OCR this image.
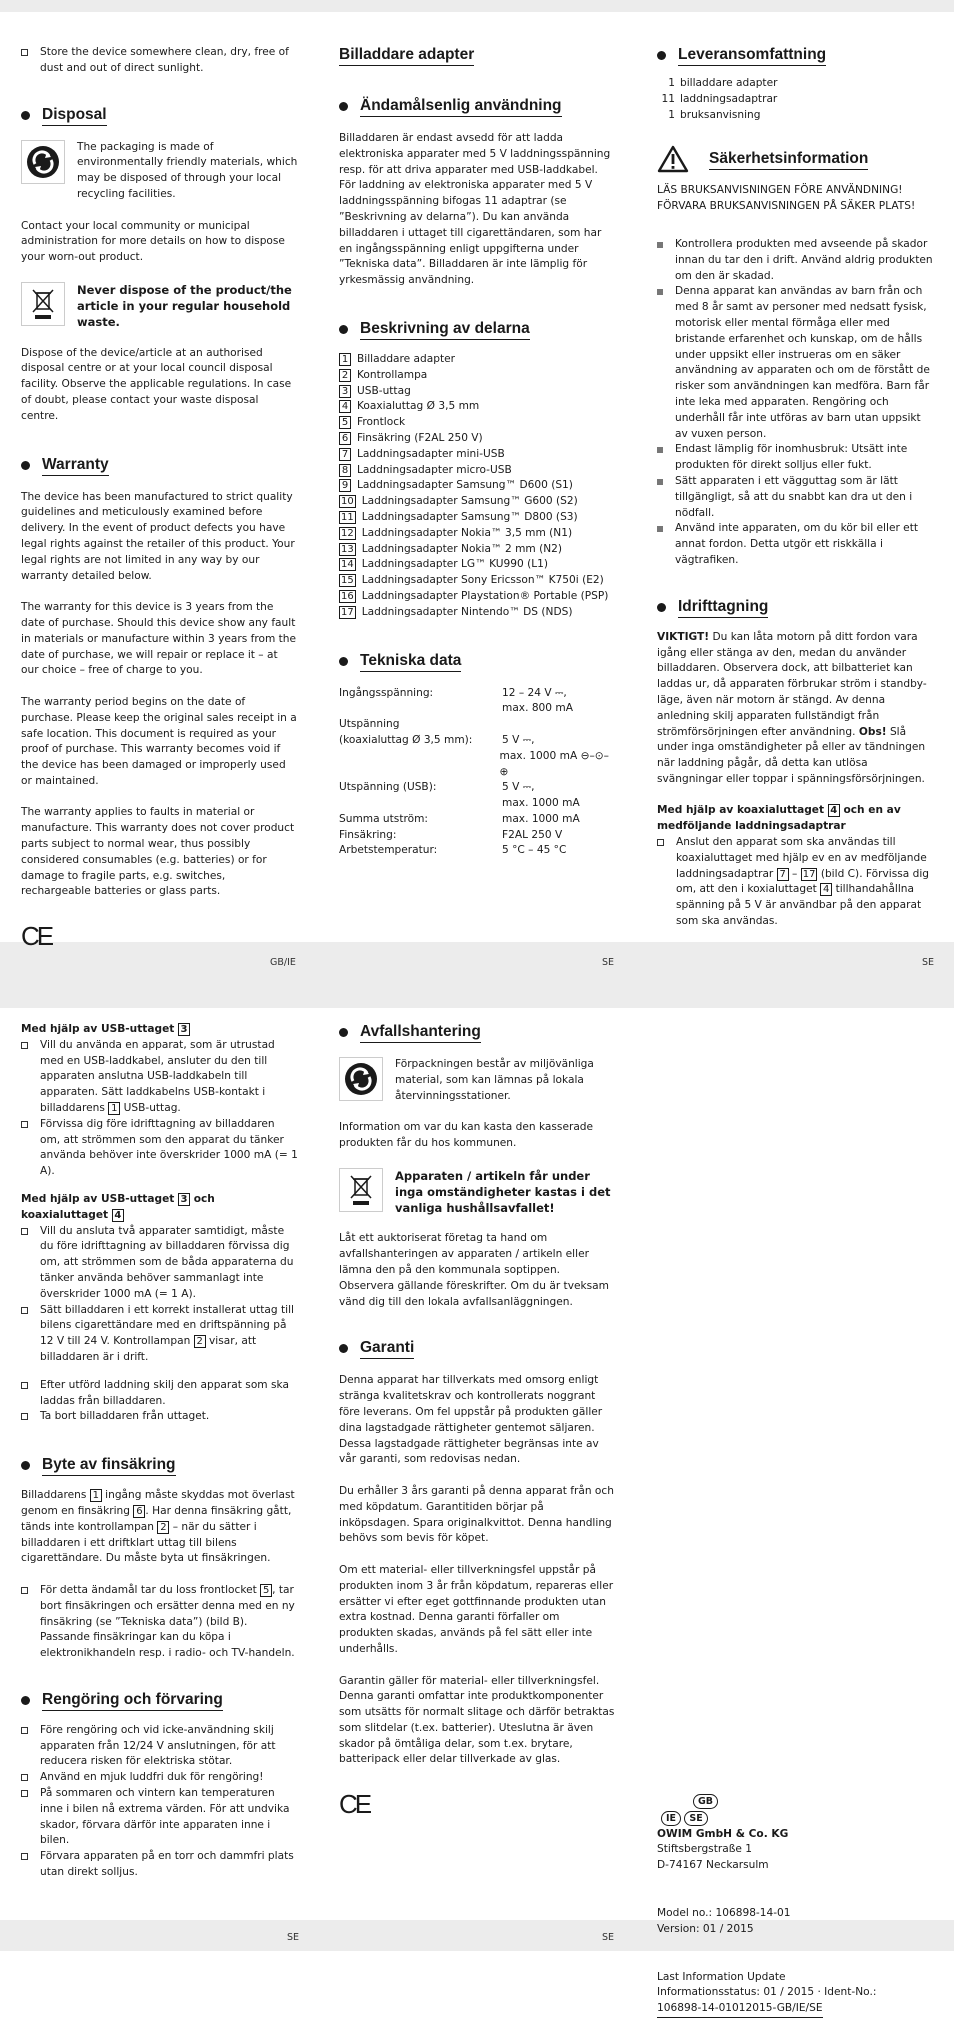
Store the device somewhere clean, dry, free of dust and out of direct sunlight.

Disposal

The packaging is made of environmentally friendly materials, which may be disposed of through your local recycling facilities.

Contact your local community or municipal administration for more details on how to dispose your worn-out product.

Never dispose of the product/the article in your regular household waste.

Dispose of the device/article at an authorised disposal centre or at your local council disposal facility. Observe the applicable regulations. In case of doubt, please contact your waste disposal centre.

Warranty

The device has been manufactured to strict quality guidelines and meticulously examined before delivery. In the event of product defects you have legal rights against the retailer of this product. Your legal rights are not limited in any way by our warranty detailed below.

The warranty for this device is 3 years from the date of purchase. Should this device show any fault in materials or manufacture within 3 years from the date of purchase, we will repair or replace it – at our choice – free of charge to you.

The warranty period begins on the date of purchase. Please keep the original sales receipt in a safe location. This document is required as your proof of purchase. This warranty becomes void if the device has been damaged or improperly used or maintained.

The warranty applies to faults in material or manufacture. This warranty does not cover product parts subject to normal wear, thus possibly considered consumables (e.g. batteries) or for damage to fragile parts, e.g. switches, rechargeable batteries or glass parts.

CE
Billaddare adapter
Ändamålsenlig användning

Billaddaren är endast avsedd för att ladda elektroniska apparater med 5 V laddningsspänning resp. för att driva apparater med USB-laddkabel. För laddning av elektroniska apparater med 5 V laddningsspänning bifogas 11 adaptrar (se ”Beskrivning av delarna”). Du kan använda billaddaren i uttaget till cigarettändaren, som har en ingångsspänning enligt uppgifterna under ”Tekniska data”. Billaddaren är inte lämplig för yrkesmässig användning.

Beskrivning av delarna
1 Billaddare adapter
2 Kontrollampa
3 USB-uttag
4 Koaxialuttag Ø 3,5 mm
5 Frontlock
6 Finsäkring (F2AL 250 V)
7 Laddningsadapter mini-USB
8 Laddningsadapter micro-USB
9 Laddningsadapter Samsung™ D600 (S1)
10 Laddningsadapter Samsung™ G600 (S2)
11 Laddningsadapter Samsung™ D800 (S3)
12 Laddningsadapter Nokia™ 3,5 mm (N1)
13 Laddningsadapter Nokia™ 2 mm (N2)
14 Laddningsadapter LG™ KU990 (L1)
15 Laddningsadapter Sony Ericsson™ K750i (E2)
16 Laddningsadapter Playstation® Portable (PSP)
17 Laddningsadapter Nintendo™ DS (NDS)
Tekniska data
Ingångsspänning:	12 – 24 V ⎓,
max. 800 mA
Utspänning
(koaxialuttag Ø 3,5 mm):	5 V ⎓,
max. 1000 mA ⊖–⊙–⊕
Utspänning (USB):	5 V ⎓,
max. 1000 mA
Summa utström:	max. 1000 mA
Finsäkring:	F2AL 250 V
Arbetstemperatur:	5 °C – 45 °C
Leveransomfattning
1 billaddare adapter
11 laddningsadaptrar
1 bruksanvisning
Säkerhetsinformation

LÄS BRUKSANVISNINGEN FÖRE ANVÄNDNING! FÖRVARA BRUKSANVISNINGEN PÅ SÄKER PLATS!

Kontrollera produkten med avseende på skador innan du tar den i drift. Använd aldrig produkten om den är skadad.

Denna apparat kan användas av barn från och med 8 år samt av personer med nedsatt fysisk, motorisk eller mental förmåga eller med bristande erfarenhet och kunskap, om de hålls under uppsikt eller instrueras om en säker användning av apparaten och om de förstått de risker som användningen kan medföra. Barn får inte leka med apparaten. Rengöring och underhåll får inte utföras av barn utan uppsikt av vuxen person.

Endast lämplig för inomhusbruk: Utsätt inte produkten för direkt solljus eller fukt.

Sätt apparaten i ett vägguttag som är lätt tillgängligt, så att du snabbt kan dra ut den i nödfall.

Använd inte apparaten, om du kör bil eller ett annat fordon. Detta utgör ett riskkälla i vägtrafiken.

Idrifttagning

VIKTIGT! Du kan låta motorn på ditt fordon vara igång eller stänga av den, medan du använder billaddaren. Observera dock, att bilbatteriet kan laddas ur, då apparaten förbrukar ström i standby-läge, även när motorn är stängd. Av denna anledning skilj apparaten fullständigt från strömförsörjningen efter användning. Obs! Slå under inga omständigheter på eller av tändningen när laddning pågår, då detta kan utlösa svängningar eller toppar i spänningsförsörjningen.

Med hjälp av koaxialuttaget 4 och en av medföljande laddningsadaptrar

Anslut den apparat som ska användas till koaxialuttaget med hjälp ev en av medföljande laddningsadaptrar 7 – 17 (bild C). Förvissa dig om, att den i koxialuttaget 4 tillhandahållna spänning på 5 V är användbar på den apparat som ska användas.

GB/IE	SE	SE

Med hjälp av USB-uttaget 3

Vill du använda en apparat, som är utrustad med en USB-laddkabel, ansluter du den till apparaten anslutna USB-laddkabeln till apparaten. Sätt laddkabelns USB-kontakt i billaddarens 1 USB-uttag.

Förvissa dig före idrifttagning av billaddaren om, att strömmen som den apparat du tänker använda behöver inte överskrider 1000 mA (= 1 A).

Med hjälp av USB-uttaget 3 och koaxialuttaget 4

Vill du ansluta två apparater samtidigt, måste du före idrifttagning av billaddaren förvissa dig om, att strömmen som de båda apparaterna du tänker använda behöver sammanlagt inte överskrider 1000 mA (= 1 A).

Sätt billaddaren i ett korrekt installerat uttag till bilens cigarettändare med en driftspänning på 12 V till 24 V. Kontrollampan 2 visar, att billaddaren är i drift.

Efter utförd laddning skilj den apparat som ska laddas från billaddaren.

Ta bort billaddaren från uttaget.

Byte av finsäkring

Billaddarens 1 ingång måste skyddas mot överlast genom en finsäkring 6 . Har denna finsäkring gått, tänds inte kontrollampan 2 – när du sätter i billaddaren i ett driftklart uttag till bilens cigarettändare. Du måste byta ut finsäkringen.

För detta ändamål tar du loss frontlocket 5 , tar bort finsäkringen och ersätter denna med en ny finsäkring (se ”Tekniska data”) (bild B). Passande finsäkringar kan du köpa i elektronikhandeln resp. i radio- och TV-handeln.

Rengöring och förvaring

Före rengöring och vid icke-användning skilj apparaten från 12/24 V anslutningen, för att reducera risken för elektriska stötar.

Använd en mjuk luddfri duk för rengöring!

På sommaren och vintern kan temperaturen inne i bilen nå extrema värden. För att undvika skador, förvara därför inte apparaten inne i bilen.

Förvara apparaten på en torr och dammfri plats utan direkt solljus.

Avfallshantering

Förpackningen består av miljövänliga material, som kan lämnas på lokala återvinningsstationer.

Information om var du kan kasta den kasserade produkten får du hos kommunen.

Apparaten / artikeln får under inga omständigheter kastas i det vanliga hushållsavfallet!

Låt ett auktoriserat företag ta hand om avfallshanteringen av apparaten / artikeln eller lämna den på den kommunala soptippen.

Observera gällande föreskrifter. Om du är tveksam vänd dig till den lokala avfallsanläggningen.

Garanti

Denna apparat har tillverkats med omsorg enligt stränga kvalitetskrav och kontrollerats noggrant före leverans. Om fel uppstår på produkten gäller dina lagstadgade rättigheter gentemot säljaren. Dessa lagstadgade rättigheter begränsas inte av vår garanti, som redovisas nedan.

Du erhåller 3 års garanti på denna apparat från och med köpdatum. Garantitiden börjar på inköpsdagen. Spara originalkvittot. Denna handling behövs som bevis för köpet.

Om ett material- eller tillverkningsfel uppstår på produkten inom 3 år från köpdatum, repareras eller ersätter vi efter eget gottfinnande produkten utan extra kostnad. Denna garanti förfaller om produkten skadas, används på fel sätt eller inte underhålls.

Garantin gäller för material- eller tillverkningsfel. Denna garanti omfattar inte produktkomponenter som utsätts för normalt slitage och därför betraktas som slitdelar (t.ex. batterier). Uteslutna är även skador på ömtåliga delar, som t.ex. brytare, batteripack eller delar tillverkade av glas.

CE	GB
IE SE

OWIM GmbH & Co. KG

Stiftsbergstraße 1

D-74167 Neckarsulm

Model no.: 106898-14-01

Version: 01 / 2015

Last Information Update

Informationsstatus: 01 / 2015 · Ident-No.:

106898-14-01012015-GB/IE/SE

SE	SE
